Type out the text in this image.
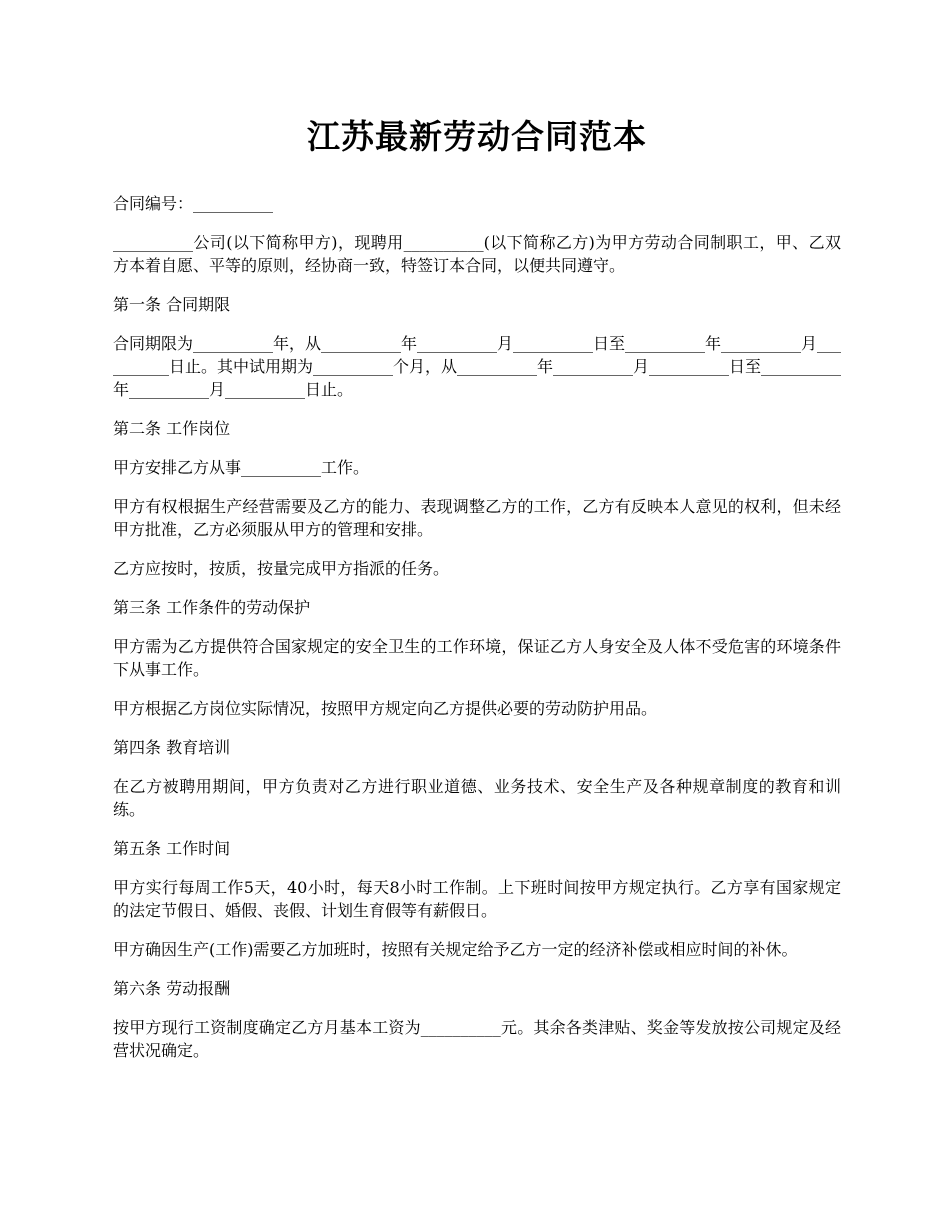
江苏最新劳动合同范本

合同编号：__________

__________公司(以下简称甲方)，现聘用__________(以下简称乙方)为甲方劳动合同制职工，甲、乙双方本着自愿、平等的原则，经协商一致，特签订本合同，以便共同遵守。

第一条 合同期限

合同期限为__________年，从__________年__________月__________日至__________年__________月__________日止。其中试用期为__________个月，从__________年__________月__________日至__________年__________月__________日止。

第二条 工作岗位

甲方安排乙方从事__________工作。

甲方有权根据生产经营需要及乙方的能力、表现调整乙方的工作，乙方有反映本人意见的权利，但未经甲方批准，乙方必须服从甲方的管理和安排。

乙方应按时，按质，按量完成甲方指派的任务。

第三条 工作条件的劳动保护

甲方需为乙方提供符合国家规定的安全卫生的工作环境，保证乙方人身安全及人体不受危害的环境条件下从事工作。

甲方根据乙方岗位实际情况，按照甲方规定向乙方提供必要的劳动防护用品。

第四条 教育培训

在乙方被聘用期间，甲方负责对乙方进行职业道德、业务技术、安全生产及各种规章制度的教育和训练。

第五条 工作时间

甲方实行每周工作5天，40小时，每天8小时工作制。上下班时间按甲方规定执行。乙方享有国家规定的法定节假日、婚假、丧假、计划生育假等有薪假日。

甲方确因生产(工作)需要乙方加班时，按照有关规定给予乙方一定的经济补偿或相应时间的补休。

第六条 劳动报酬

按甲方现行工资制度确定乙方月基本工资为__________元。其余各类津贴、奖金等发放按公司规定及经营状况确定。
